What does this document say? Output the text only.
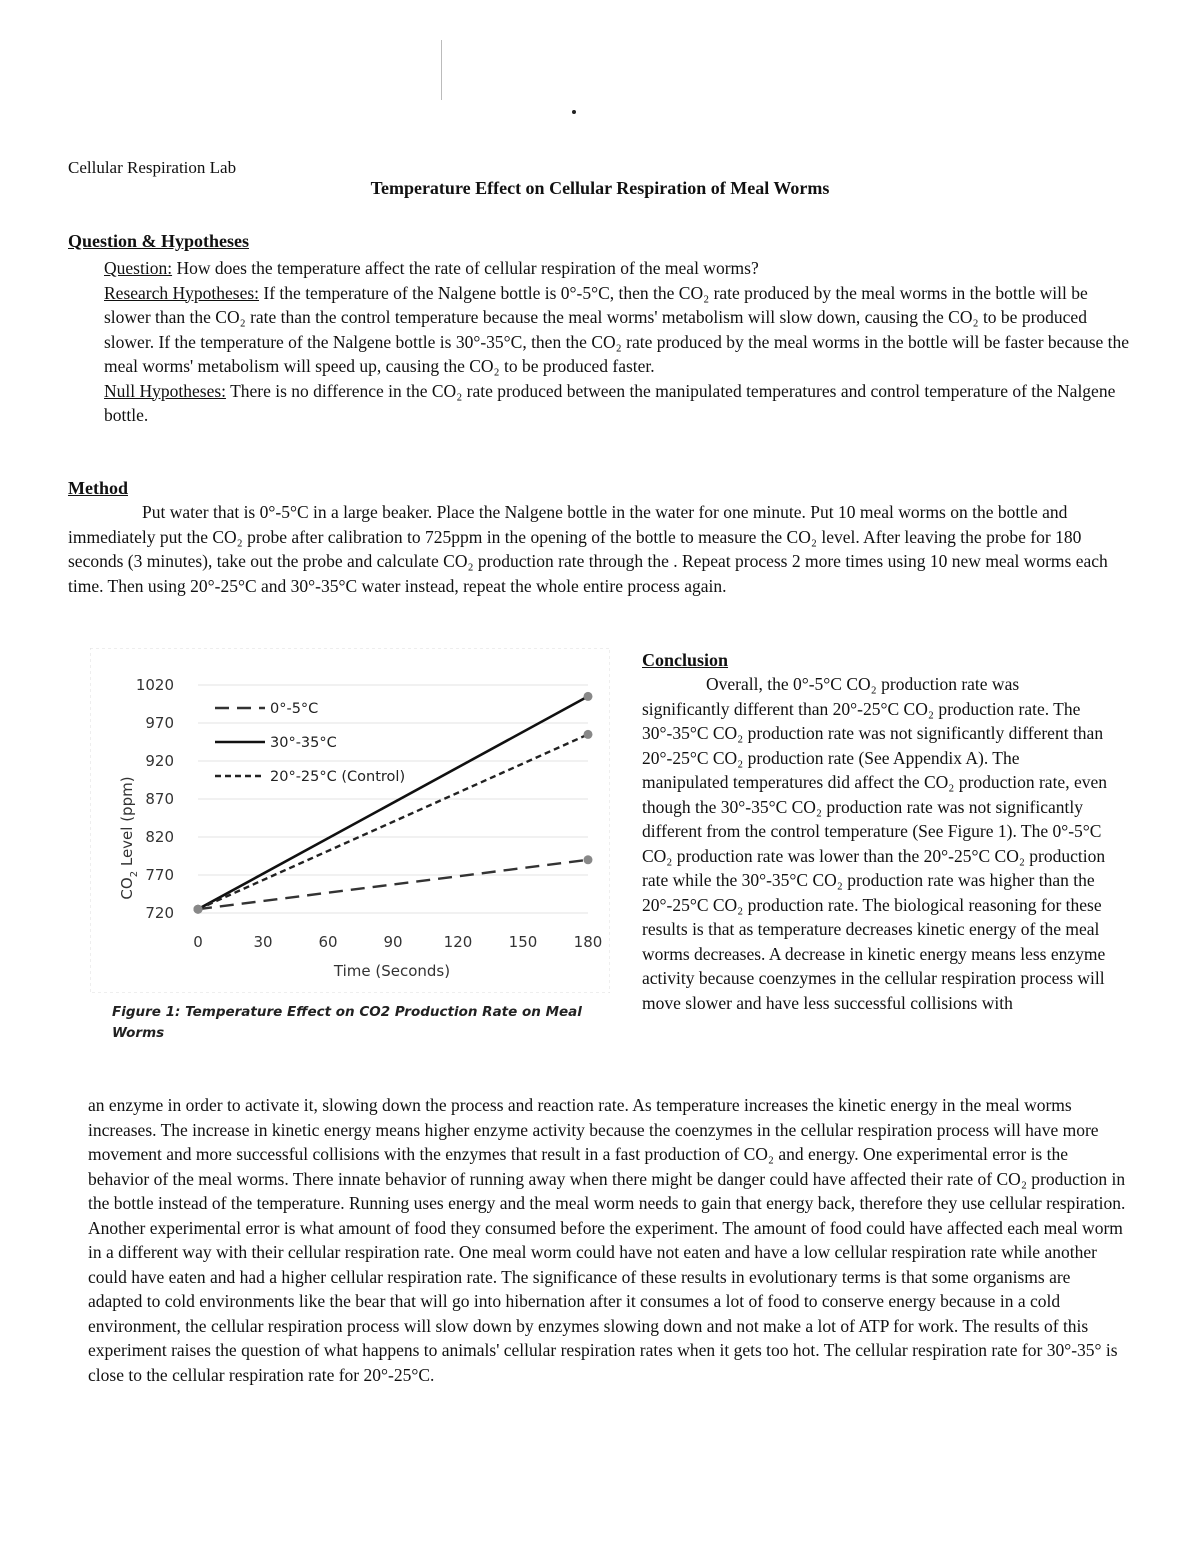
Cellular Respiration Lab
Temperature Effect on Cellular Respiration of Meal Worms
Question & Hypotheses

Question: How does the temperature affect the rate of cellular respiration of the meal worms?

Research Hypotheses: If the temperature of the Nalgene bottle is 0°-5°C, then the CO₂ rate produced by the meal worms in the bottle will be slower than the CO₂ rate than the control temperature because the meal worms' metabolism will slow down, causing the CO₂ to be produced slower. If the temperature of the Nalgene bottle is 30°-35°C, then the CO₂ rate produced by the meal worms in the bottle will be faster because the meal worms' metabolism will speed up, causing the CO₂ to be produced faster.

Null Hypotheses: There is no difference in the CO₂ rate produced between the manipulated temperatures and control temperature of the Nalgene bottle.

Method
Put water that is 0°-5°C in a large beaker. Place the Nalgene bottle in the water for one minute. Put 10 meal worms on the bottle and immediately put the CO₂ probe after calibration to 725ppm in the opening of the bottle to measure the CO₂ level. After leaving the probe for 180 seconds (3 minutes), take out the probe and calculate CO₂ production rate through the . Repeat process 2 more times using 10 new meal worms each time. Then using 20°-25°C and 30°-35°C water instead, repeat the whole entire process again.
720
770
820
870
920
970
1020
0	30	60	90	120 150 180
0°-5°C
30°-35°C
20°-25°C (Control)
Time (Seconds)
$CO_2$ Level (ppm)
Figure 1: Temperature Effect on CO2 Production Rate on Meal Worms
Conclusion
Overall, the 0°-5°C CO₂ production rate was significantly different than 20°-25°C CO₂ production rate. The 30°-35°C CO₂ production rate was not significantly different than 20°-25°C CO₂ production rate (See Appendix A). The manipulated temperatures did affect the CO₂ production rate, even though the 30°-35°C CO₂ production rate was not significantly different from the control temperature (See Figure 1). The 0°-5°C CO₂ production rate was lower than the 20°-25°C CO₂ production rate while the 30°-35°C CO₂ production rate was higher than the 20°-25°C CO₂ production rate. The biological reasoning for these results is that as temperature decreases kinetic energy of the meal worms decreases. A decrease in kinetic energy means less enzyme activity because coenzymes in the cellular respiration process will move slower and have less successful collisions with
an enzyme in order to activate it, slowing down the process and reaction rate. As temperature increases the kinetic energy in the meal worms increases. The increase in kinetic energy means higher enzyme activity because the coenzymes in the cellular respiration process will have more movement and more successful collisions with the enzymes that result in a fast production of CO₂ and energy. One experimental error is the behavior of the meal worms. There innate behavior of running away when there might be danger could have affected their rate of CO₂ production in the bottle instead of the temperature. Running uses energy and the meal worm needs to gain that energy back, therefore they use cellular respiration. Another experimental error is what amount of food they consumed before the experiment. The amount of food could have affected each meal worm in a different way with their cellular respiration rate. One meal worm could have not eaten and have a low cellular respiration rate while another could have eaten and had a higher cellular respiration rate. The significance of these results in evolutionary terms is that some organisms are adapted to cold environments like the bear that will go into hibernation after it consumes a lot of food to conserve energy because in a cold environment, the cellular respiration process will slow down by enzymes slowing down and not make a lot of ATP for work. The results of this experiment raises the question of what happens to animals' cellular respiration rates when it gets too hot. The cellular respiration rate for 30°-35° is close to the cellular respiration rate for 20°-25°C.
